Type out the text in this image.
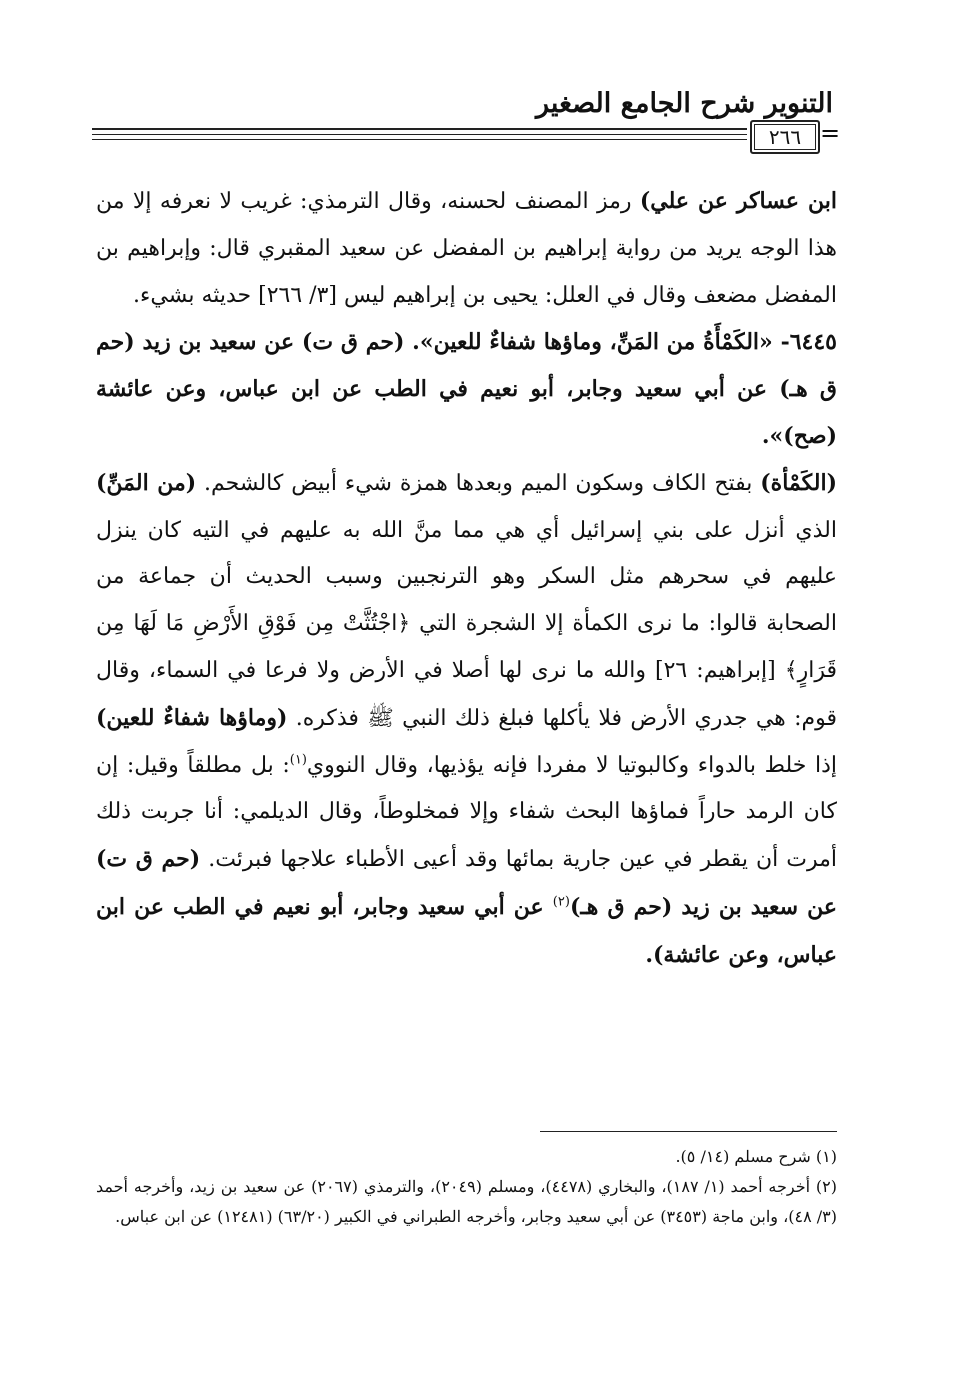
التنوير شرح الجامع الصغير
٢٦٦ =

ابن عساكر عن علي) رمز المصنف لحسنه، وقال الترمذي: غريب لا نعرفه إلا من هذا الوجه يريد من رواية إبراهيم بن المفضل عن سعيد المقبري قال: وإبراهيم بن المفضل مضعف وقال في العلل: يحيى بن إبراهيم ليس [٣/ ٢٦٦] حديثه بشيء.

٦٤٤٥- «الكَمْأَةُ من المَنِّ، وماؤها شفاءٌ للعين». (حم ق ت) عن سعيد بن زيد (حم ق هـ) عن أبي سعيد وجابر، أبو نعيم في الطب عن ابن عباس، وعن عائشة (صح)».

(الكَمْأة) بفتح الكاف وسكون الميم وبعدها همزة شيء أبيض كالشحم. (من المَنِّ) الذي أنزل على بني إسرائيل أي هي مما منَّ الله به عليهم في التيه كان ينزل عليهم في سحرهم مثل السكر وهو الترنجبين وسبب الحديث أن جماعة من الصحابة قالوا: ما نرى الكمأة إلا الشجرة التي ﴿اجْتُثَّتْ مِن فَوْقِ الأَرْضِ مَا لَهَا مِن قَرَارٍ﴾ [إبراهيم: ٢٦] والله ما نرى لها أصلا في الأرض ولا فرعا في السماء، وقال قوم: هي جدري الأرض فلا يأكلها فبلغ ذلك النبي ﷺ فذكره. (وماؤها شفاءٌ للعين) إذا خلط بالدواء وكالبوتيا لا مفردا فإنه يؤذيها، وقال النووي$^{(١)}$: بل مطلقاً وقيل: إن كان الرمد حاراً فماؤها البحث شفاء وإلا فمخلوطاً، وقال الديلمي: أنا جربت ذلك أمرت أن يقطر في عين جارية بمائها وقد أعيى الأطباء علاجها فبرئت. (حم ق ت) عن سعيد بن زيد (حم ق هـ)$^{(٢)}$ عن أبي سعيد وجابر، أبو نعيم في الطب عن ابن عباس، وعن عائشة).

(١) شرح مسلم (١٤/ ٥).

(٢) أخرجه أحمد (١/ ١٨٧)، والبخاري (٤٤٧٨)، ومسلم (٢٠٤٩)، والترمذي (٢٠٦٧) عن سعيد بن زيد، وأخرجه أحمد (٣/ ٤٨)، وابن ماجة (٣٤٥٣) عن أبي سعيد وجابر، وأخرجه الطبراني في الكبير (٦٣/٢٠) (١٢٤٨١) عن ابن عباس.
